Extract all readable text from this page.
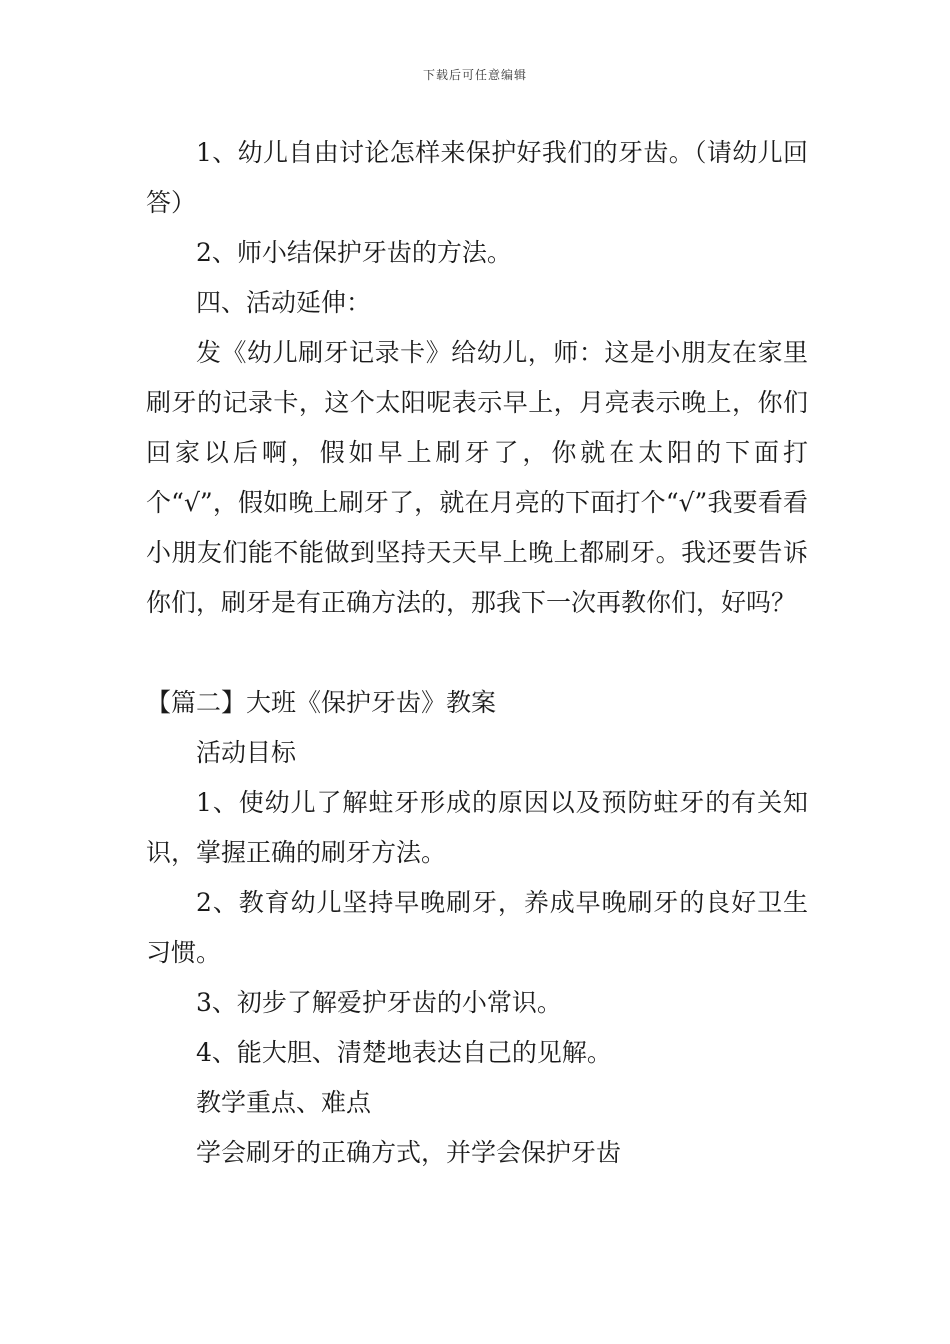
下载后可任意编辑

1、幼儿自由讨论怎样来保护好我们的牙齿。（请幼儿回答）

2、师小结保护牙齿的方法。

四、活动延伸：

发《幼儿刷牙记录卡》给幼儿，师：这是小朋友在家里刷牙的记录卡，这个太阳呢表示早上，月亮表示晚上，你们回家以后啊，假如早上刷牙了，你就在太阳的下面打个“√”，假如晚上刷牙了，就在月亮的下面打个“√”我要看看小朋友们能不能做到坚持天天早上晚上都刷牙。我还要告诉你们，刷牙是有正确方法的，那我下一次再教你们，好吗？

【篇二】大班《保护牙齿》教案

活动目标

1、使幼儿了解蛀牙形成的原因以及预防蛀牙的有关知识，掌握正确的刷牙方法。

2、教育幼儿坚持早晚刷牙，养成早晚刷牙的良好卫生习惯。

3、初步了解爱护牙齿的小常识。

4、能大胆、清楚地表达自己的见解。

教学重点、难点

学会刷牙的正确方式，并学会保护牙齿
